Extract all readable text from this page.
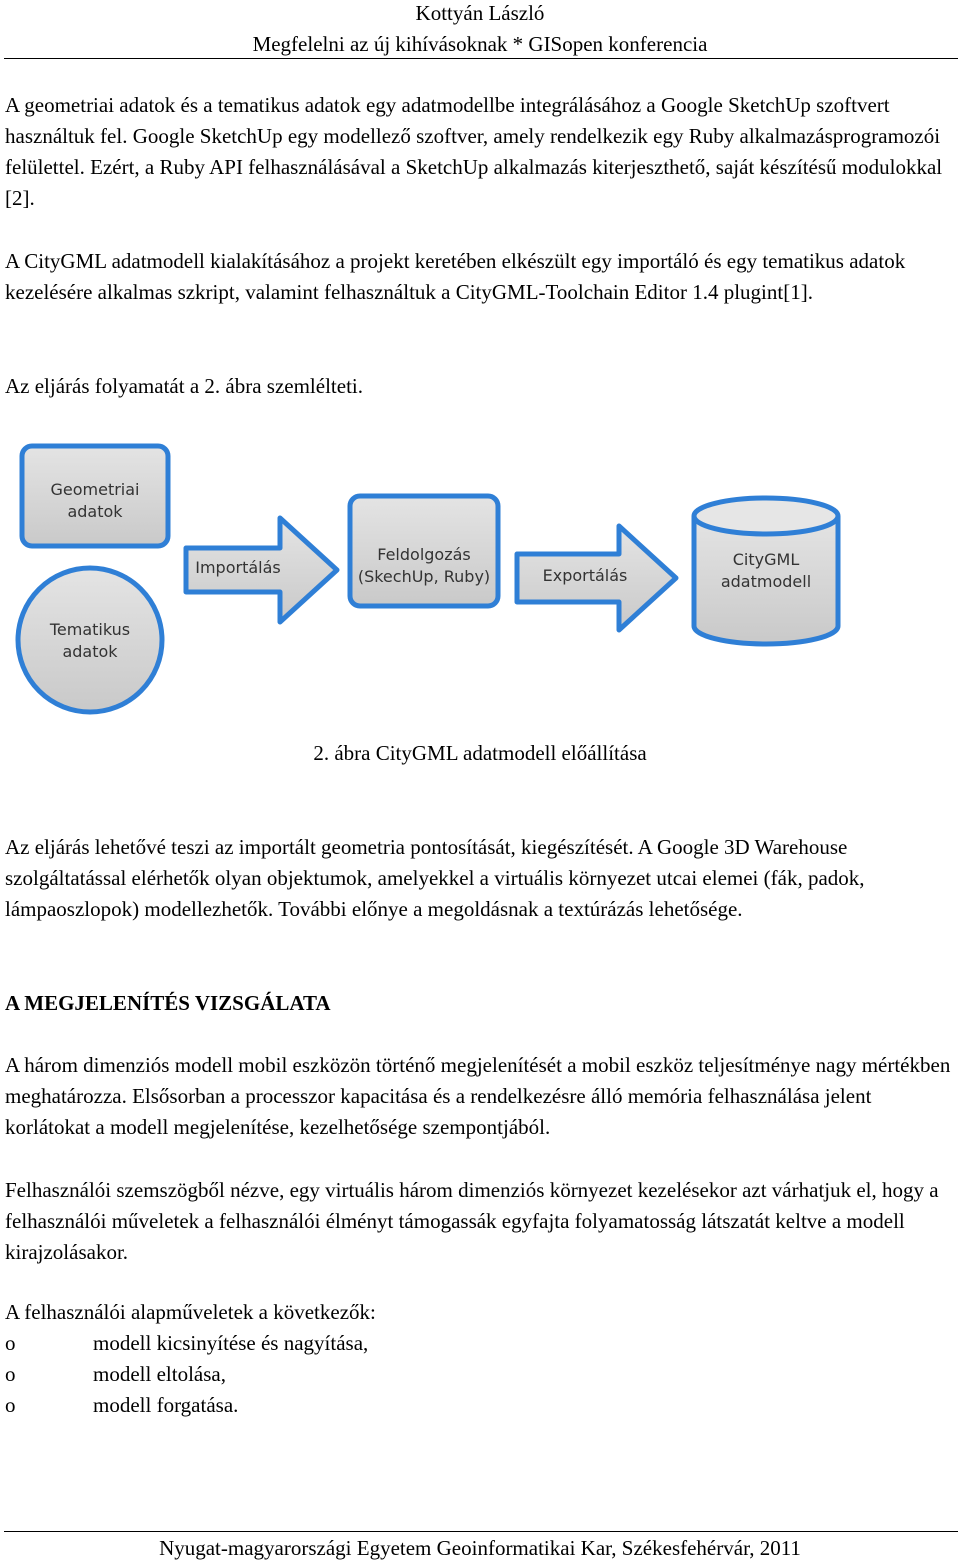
Kottyán László
Megfelelni az új kihívásoknak * GISopen konferencia

A geometriai adatok és a tematikus adatok egy adatmodellbe integrálásához a Google SketchUp szoftvert használtuk fel. Google SketchUp egy modellező szoftver, amely rendelkezik egy Ruby alkalmazásprogramozói felülettel. Ezért, a Ruby API felhasználásával a SketchUp alkalmazás kiterjeszthető, saját készítésű modulokkal [2].

A CityGML adatmodell kialakításához a projekt keretében elkészült egy importáló és egy tematikus adatok kezelésére alkalmas szkript, valamint felhasználtuk a CityGML-Toolchain Editor 1.4 plugint[1].

Az eljárás folyamatát a 2. ábra szemlélteti.

Geometriai
adatok
Tematikus
adatok
Importálás
Feldolgozás
(SkechUp, Ruby)	Exportálás
CityGML
adatmodell
2. ábra CityGML adatmodell előállítása

Az eljárás lehetővé teszi az importált geometria pontosítását, kiegészítését. A Google 3D Warehouse szolgáltatással elérhetők olyan objektumok, amelyekkel a virtuális környezet utcai elemei (fák, padok, lámpaoszlopok) modellezhetők. További előnye a megoldásnak a textúrázás lehetősége.

A MEGJELENÍTÉS VIZSGÁLATA

A három dimenziós modell mobil eszközön történő megjelenítését a mobil eszköz teljesítménye nagy mértékben meghatározza. Elsősorban a processzor kapacitása és a rendelkezésre álló memória felhasználása jelent korlátokat a modell megjelenítése, kezelhetősége szempontjából.

Felhasználói szemszögből nézve, egy virtuális három dimenziós környezet kezelésekor azt várhatjuk el, hogy a felhasználói műveletek a felhasználói élményt támogassák egyfajta folyamatosság látszatát keltve a modell kirajzolásakor.

A felhasználói alapműveletek a következők:

o	modell kicsinyítése és nagyítása,
o	modell eltolása,
o	modell forgatása.
Nyugat-magyarországi Egyetem Geoinformatikai Kar, Székesfehérvár, 2011
